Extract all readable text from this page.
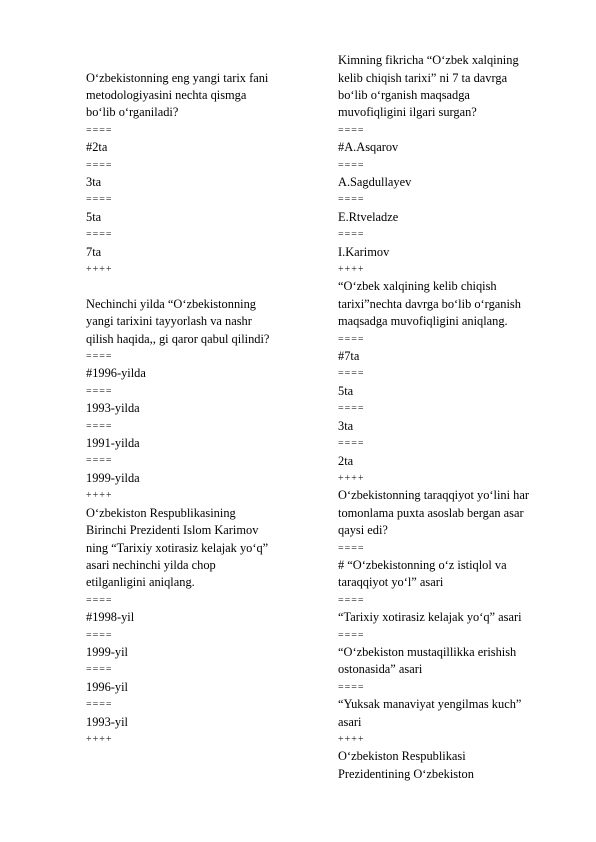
O‘zbekistonning eng yangi tarix fani
metodologiyasini nechta qismga
bo‘lib o‘rganiladi?
====
#2ta
====
3ta
====
5ta
====
7ta
++++
Nechinchi yilda “O‘zbekistonning
yangi tarixini tayyorlash va nashr
qilish haqida,, gi qaror qabul qilindi?
====
#1996-yilda
====
1993-yilda
====
1991-yilda
====
1999-yilda
++++
O‘zbekiston Respublikasining
Birinchi Prezidenti Islom Karimov
ning “Tarixiy xotirasiz kelajak yo‘q”
asari nechinchi yilda chop
etilganligini aniqlang.
====
#1998-yil
====
1999-yil
====
1996-yil
====
1993-yil
++++
Kimning fikricha “O‘zbek xalqining
kelib chiqish tarixi” ni 7 ta davrga
bo‘lib o‘rganish maqsadga
muvofiqligini ilgari surgan?
====
#A.Asqarov
====
A.Sagdullayev
====
E.Rtveladze
====
I.Karimov
++++
“O‘zbek xalqining kelib chiqish
tarixi”nechta davrga bo‘lib o‘rganish
maqsadga muvofiqligini aniqlang.
====
#7ta
====
5ta
====
3ta
====
2ta
++++
O‘zbekistonning taraqqiyot yo‘lini har
tomonlama puxta asoslab bergan asar
qaysi edi?
====
# “O‘zbekistonning o‘z istiqlol va
taraqqiyot yo‘l” asari
====
“Tarixiy xotirasiz kelajak yo‘q” asari
====
“O‘zbekiston mustaqillikka erishish
ostonasida” asari
====
“Yuksak manaviyat yengilmas kuch”
asari
++++
O‘zbekiston Respublikasi
Prezidentining O‘zbekiston
